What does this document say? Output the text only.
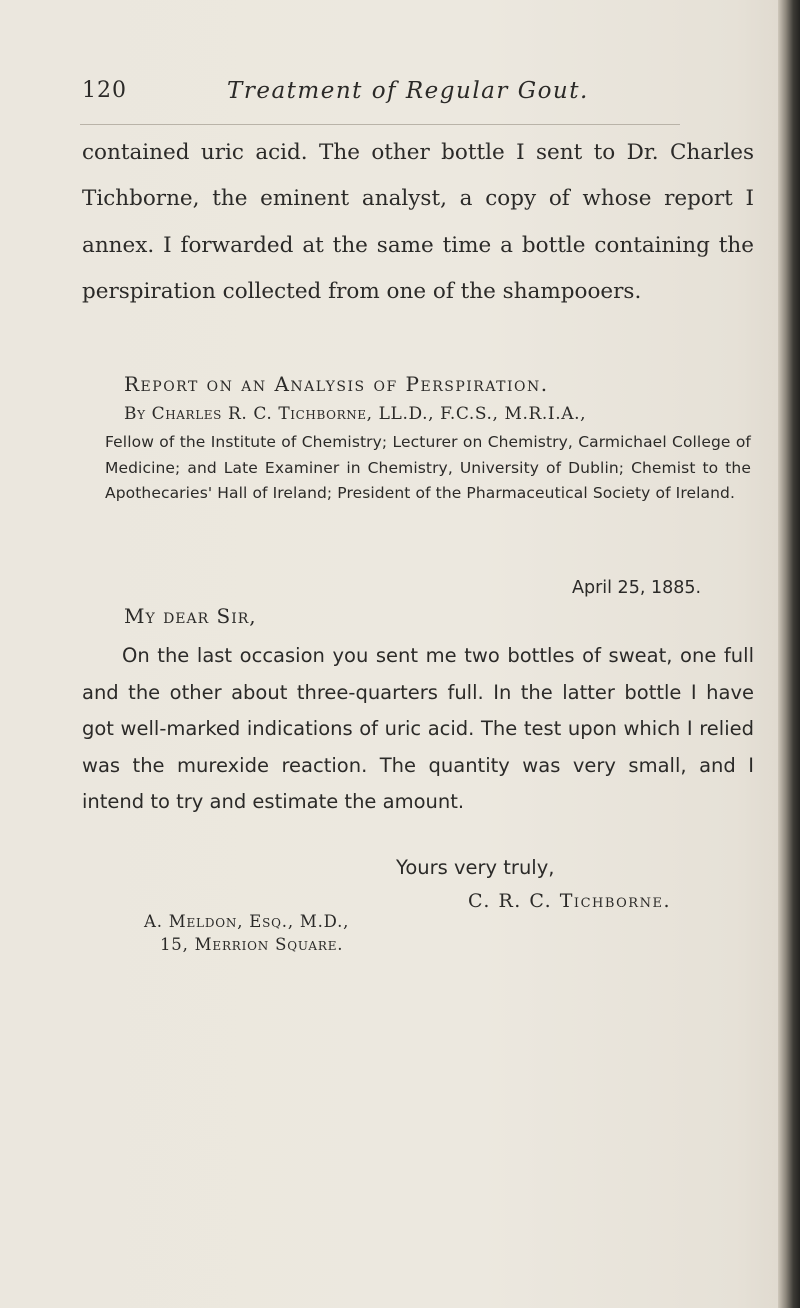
120	Treatment of Regular Gout.

contained uric acid. The other bottle I sent to Dr. Charles Tichborne, the eminent analyst, a copy of whose report I annex. I forwarded at the same time a bottle containing the perspiration collected from one of the shampooers.

Report on an Analysis of Perspiration.

By Charles R. C. Tichborne, LL.D., F.C.S., M.R.I.A.,

Fellow of the Institute of Chemistry; Lecturer on Chemistry, Carmichael College of Medicine; and Late Examiner in Chemistry, University of Dublin; Chemist to the Apothecaries' Hall of Ireland; President of the Pharmaceutical Society of Ireland.

April 25, 1885.

My dear Sir,

On the last occasion you sent me two bottles of sweat, one full and the other about three-quarters full. In the latter bottle I have got well-marked indications of uric acid. The test upon which I relied was the murexide reaction. The quantity was very small, and I intend to try and estimate the amount.

Yours very truly,

C. R. C. Tichborne.

A. Meldon, Esq., M.D.,

15, Merrion Square.
